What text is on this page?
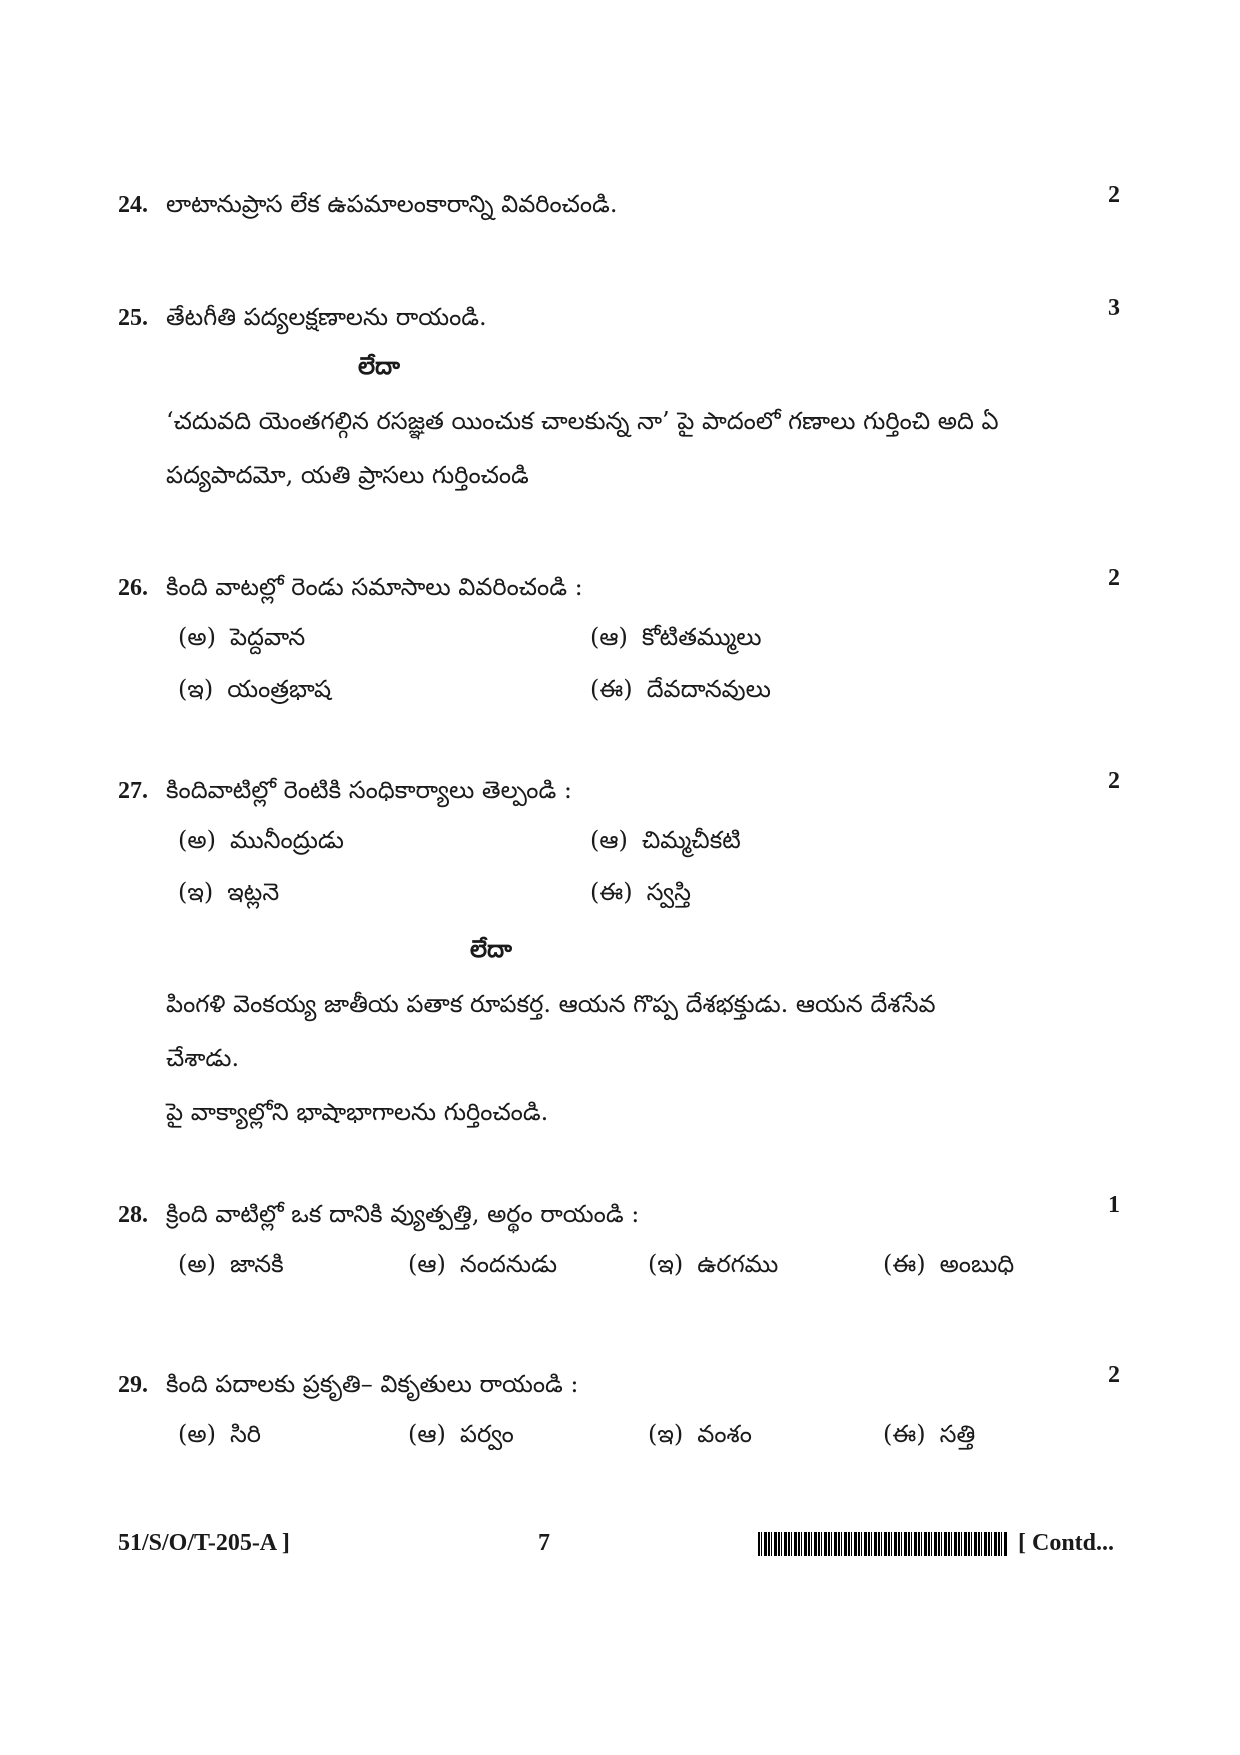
24. లాటానుప్రాస లేక ఉపమాలంకారాన్ని వివరించండి.	2
25. తేటగీతి పద్యలక్షణాలను రాయండి.	3
లేదా
‘చదువది యెంతగల్గిన రసజ్ఞత యించుక చాలకున్న నా’ పై పాదంలో గణాలు గుర్తించి అది ఏ
పద్యపాదమో, యతి ప్రాసలు గుర్తించండి
26. కింది వాటల్లో రెండు సమాసాలు వివరించండి :	2
(అ) పెద్దవాన	(ఆ) కోటితమ్ములు
(ఇ) యంత్రభాష	(ఈ) దేవదానవులు
27. కిందివాటిల్లో రెంటికి సంధికార్యాలు తెల్పండి :	2
(అ) మునీంద్రుడు	(ఆ) చిమ్మచీకటి
(ఇ) ఇట్లనె	(ఈ) స్వస్తి
లేదా
పింగళి వెంకయ్య జాతీయ పతాక రూపకర్త. ఆయన గొప్ప దేశభక్తుడు. ఆయన దేశసేవ
చేశాడు.
పై వాక్యాల్లోని భాషాభాగాలను గుర్తించండి.
28. క్రింది వాటిల్లో ఒక దానికి వ్యుత్పత్తి, అర్థం రాయండి :	1
(అ) జానకి	(ఆ) నందనుడు	(ఇ) ఉరగము	(ఈ) అంబుధి
29. కింది పదాలకు ప్రకృతి– వికృతులు రాయండి :	2
(అ) సిరి	(ఆ) పర్వం	(ఇ) వంశం	(ఈ) సత్తి
51/S/O/T-205-A ]	7	[ Contd...
